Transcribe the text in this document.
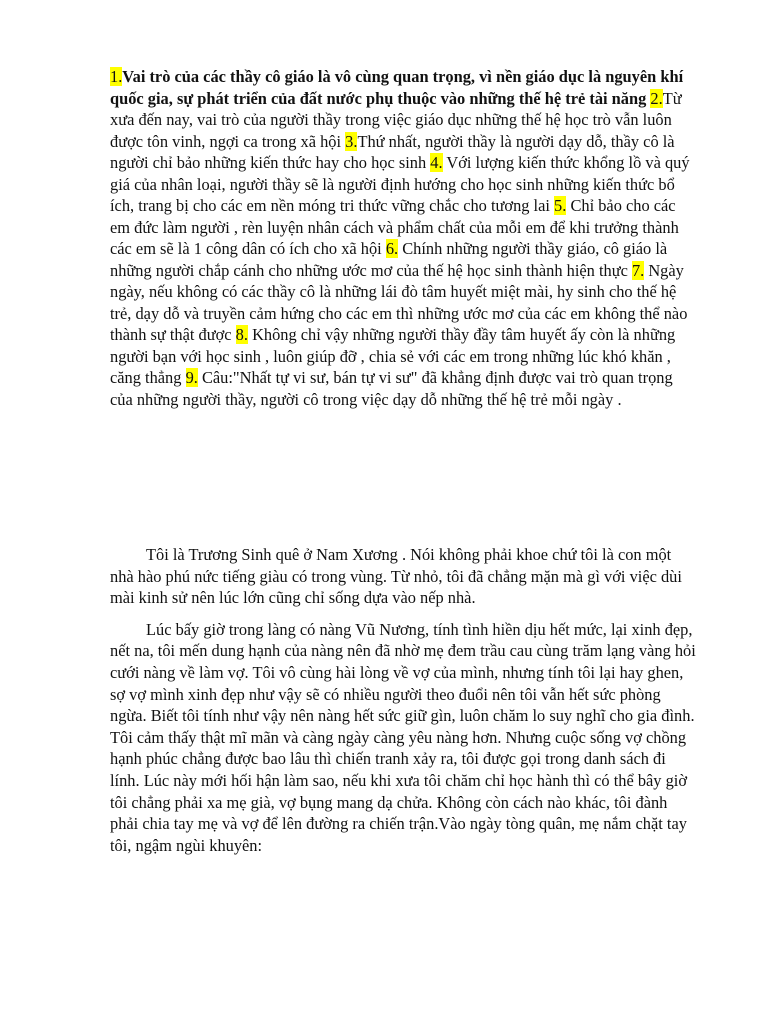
1.Vai trò của các thầy cô giáo là vô cùng quan trọng, vì nền giáo dục là nguyên khí quốc gia, sự phát triển của đất nước phụ thuộc vào những thế hệ trẻ tài năng 2.Từ xưa đến nay, vai trò của người thầy trong việc giáo dục những thế hệ học trò vẫn luôn được tôn vinh, ngợi ca trong xã hội 3.Thứ nhất, người thầy là người dạy dỗ, thầy cô là người chỉ bảo những kiến thức hay cho học sinh 4. Với lượng kiến thức khổng lồ và quý giá của nhân loại, người thầy sẽ là người định hướng cho học sinh những kiến thức bổ ích, trang bị cho các em nền móng tri thức vững chắc cho tương lai 5. Chỉ bảo cho các em đức làm người , rèn luyện nhân cách và phẩm chất của mỗi em để khi trưởng thành các em sẽ là 1 công dân có ích cho xã hội 6. Chính những người thầy giáo, cô giáo là những người chắp cánh cho những ước mơ của thế hệ học sinh thành hiện thực 7. Ngày ngày, nếu không có các thầy cô là những lái đò tâm huyết miệt mài, hy sinh cho thế hệ trẻ, dạy dỗ và truyền cảm hứng cho các em thì những ước mơ của các em không thể nào thành sự thật được 8. Không chỉ vậy những người thầy đầy tâm huyết ấy còn là những người bạn với học sinh , luôn giúp đỡ , chia sẻ với các em trong những lúc khó khăn , căng thẳng 9. Câu:"Nhất tự vi sư, bán tự vi sư" đã khẳng định được vai trò quan trọng của những người thầy, người cô trong việc dạy dỗ những thế hệ trẻ mỗi ngày .

Tôi là Trương Sinh quê ở Nam Xương . Nói không phải khoe chứ tôi là con một nhà hào phú nức tiếng giàu có trong vùng. Từ nhỏ, tôi đã chẳng mặn mà gì với việc dùi mài kinh sử nên lúc lớn cũng chỉ sống dựa vào nếp nhà.

Lúc bấy giờ trong làng có nàng Vũ Nương, tính tình hiền dịu hết mức, lại xinh đẹp, nết na, tôi mến dung hạnh của nàng nên đã nhờ mẹ đem trầu cau cùng trăm lạng vàng hỏi cưới nàng về làm vợ. Tôi vô cùng hài lòng về vợ của mình, nhưng tính tôi lại hay ghen, sợ vợ mình xinh đẹp như vậy sẽ có nhiều người theo đuổi nên tôi vẫn hết sức phòng ngừa. Biết tôi tính như vậy nên nàng hết sức giữ gìn, luôn chăm lo suy nghĩ cho gia đình. Tôi cảm thấy thật mĩ mãn và càng ngày càng yêu nàng hơn. Nhưng cuộc sống vợ chồng hạnh phúc chẳng được bao lâu thì chiến tranh xảy ra, tôi được gọi trong danh sách đi lính. Lúc này mới hối hận làm sao, nếu khi xưa tôi chăm chỉ học hành thì có thể bây giờ tôi chẳng phải xa mẹ già, vợ bụng mang dạ chửa. Không còn cách nào khác, tôi đành phải chia tay mẹ và vợ để lên đường ra chiến trận.Vào ngày tòng quân, mẹ nắm chặt tay tôi, ngậm ngùi khuyên:
